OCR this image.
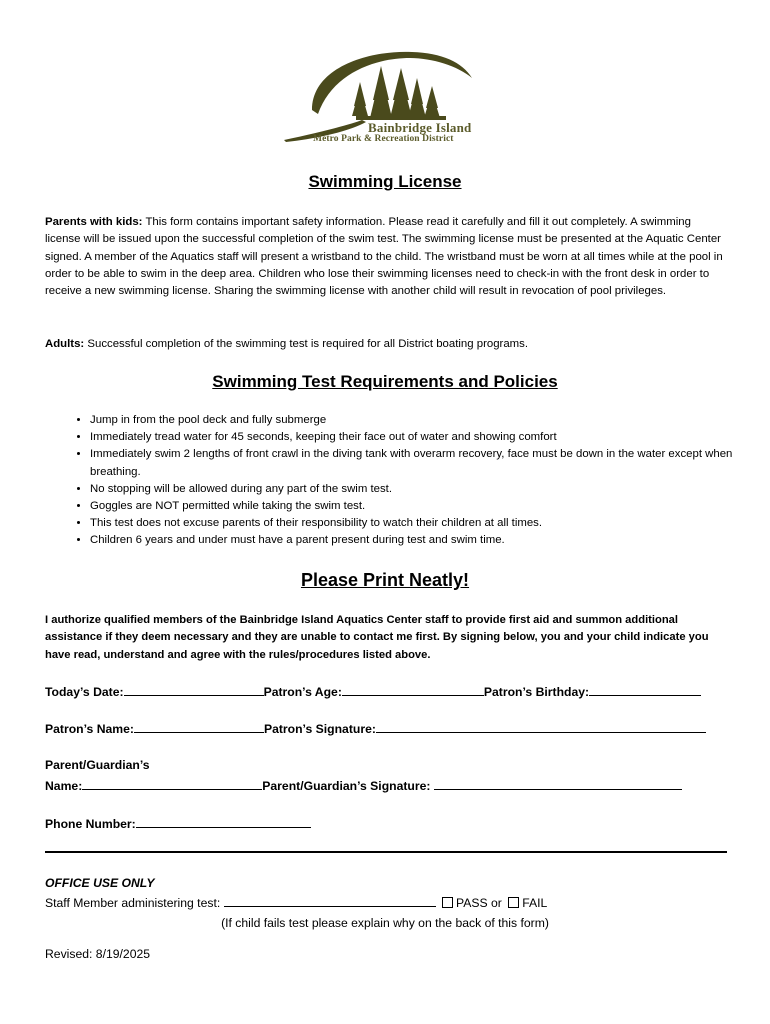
Bainbridge Island
Metro Park & Recreation District
Swimming License
Parents with kids: This form contains important safety information. Please read it carefully and fill it out completely. A swimming license will be issued upon the successful completion of the swim test. The swimming license must be presented at the Aquatic Center signed. A member of the Aquatics staff will present a wristband to the child. The wristband must be worn at all times while at the pool in order to be able to swim in the deep area. Children who lose their swimming licenses need to check-in with the front desk in order to receive a new swimming license. Sharing the swimming license with another child will result in revocation of pool privileges.
Adults: Successful completion of the swimming test is required for all District boating programs.
Swimming Test Requirements and Policies
• Jump in from the pool deck and fully submerge
• Immediately tread water for 45 seconds, keeping their face out of water and showing comfort
• Immediately swim 2 lengths of front crawl in the diving tank with overarm recovery, face must be down in the water except when breathing.
• No stopping will be allowed during any part of the swim test.
• Goggles are NOT permitted while taking the swim test.
• This test does not excuse parents of their responsibility to watch their children at all times.
• Children 6 years and under must have a parent present during test and swim time.
Please Print Neatly!
I authorize qualified members of the Bainbridge Island Aquatics Center staff to provide first aid and summon additional assistance if they deem necessary and they are unable to contact me first. By signing below, you and your child indicate you have read, understand and agree with the rules/procedures listed above.
Today’s Date:	Patron’s Age:	Patron’s Birthday:
Patron’s Name:	Patron’s Signature:
Parent/Guardian’s
Name:	Parent/Guardian’s Signature:
Phone Number:
OFFICE USE ONLY
Staff Member administering test:	PASS or FAIL
(If child fails test please explain why on the back of this form)
Revised: 8/19/2025
